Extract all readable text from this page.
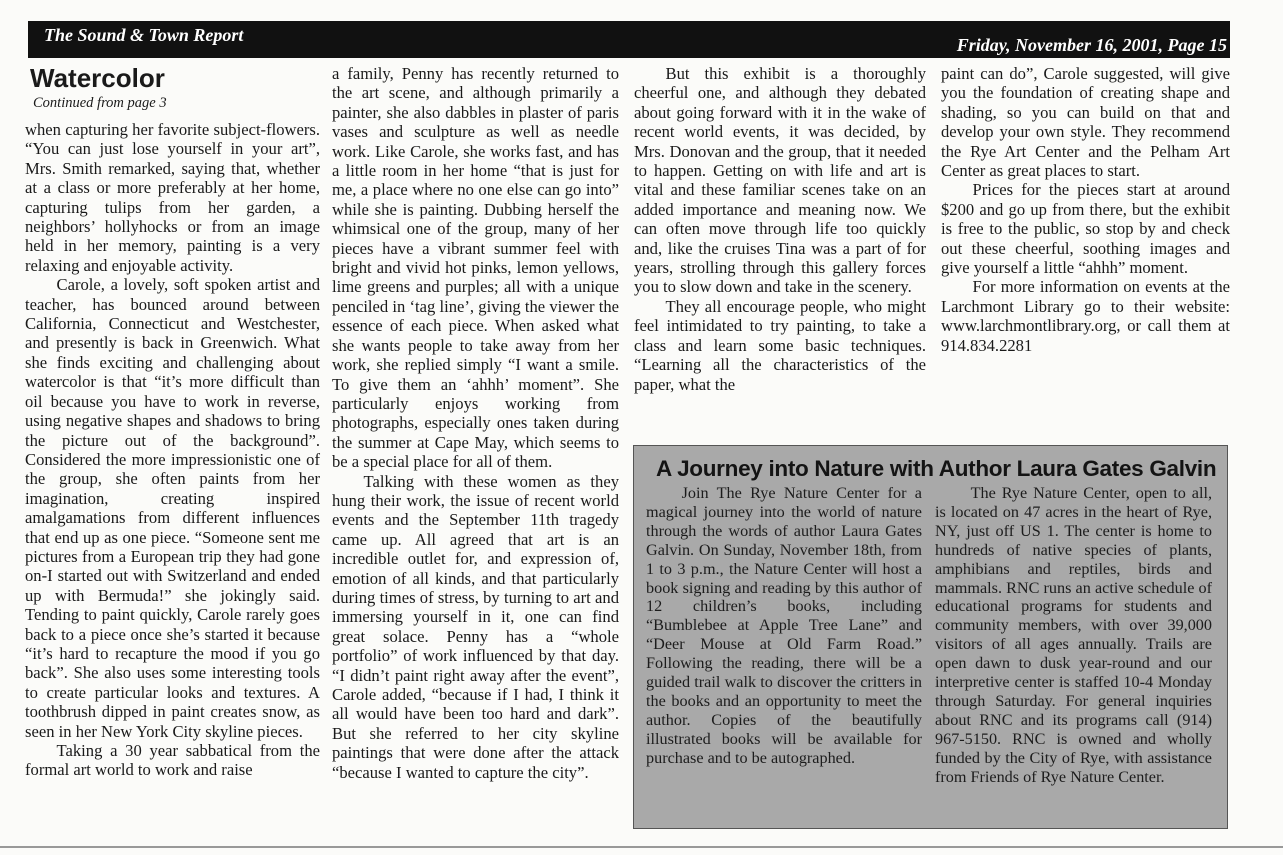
The Sound & Town Report	Friday, November 16, 2001, Page 15
Watercolor
Continued from page 3

when capturing her favorite subject-flowers. “You can just lose yourself in your art”, Mrs. Smith remarked, saying that, whether at a class or more preferably at her home, capturing tulips from her garden, a neighbors’ hollyhocks or from an image held in her memory, painting is a very relaxing and enjoyable activity.

Carole, a lovely, soft spoken artist and teacher, has bounced around between California, Connecticut and Westchester, and presently is back in Greenwich. What she finds exciting and challenging about watercolor is that “it’s more difficult than oil because you have to work in reverse, using negative shapes and shadows to bring the picture out of the background”. Considered the more impressionistic one of the group, she often paints from her imagination, creating inspired amalgamations from different influences that end up as one piece. “Someone sent me pictures from a European trip they had gone on-I started out with Switzerland and ended up with Bermuda!” she jokingly said. Tending to paint quickly, Carole rarely goes back to a piece once she’s started it because “it’s hard to recapture the mood if you go back”. She also uses some interesting tools to create particular looks and textures. A toothbrush dipped in paint creates snow, as seen in her New York City skyline pieces.

Taking a 30 year sabbatical from the formal art world to work and raise

a family, Penny has recently returned to the art scene, and although primarily a painter, she also dabbles in plaster of paris vases and sculpture as well as needle work. Like Carole, she works fast, and has a little room in her home “that is just for me, a place where no one else can go into” while she is painting. Dubbing herself the whimsical one of the group, many of her pieces have a vibrant summer feel with bright and vivid hot pinks, lemon yellows, lime greens and purples; all with a unique penciled in ‘tag line’, giving the viewer the essence of each piece. When asked what she wants people to take away from her work, she replied simply “I want a smile. To give them an ‘ahhh’ moment”. She particularly enjoys working from photographs, especially ones taken during the summer at Cape May, which seems to be a special place for all of them.

Talking with these women as they hung their work, the issue of recent world events and the September 11th tragedy came up. All agreed that art is an incredible outlet for, and expression of, emotion of all kinds, and that particularly during times of stress, by turning to art and immersing yourself in it, one can find great solace. Penny has a “whole portfolio” of work influenced by that day. “I didn’t paint right away after the event”, Carole added, “because if I had, I think it all would have been too hard and dark”. But she referred to her city skyline paintings that were done after the attack “because I wanted to capture the city”.

But this exhibit is a thoroughly cheerful one, and although they debated about going forward with it in the wake of recent world events, it was decided, by Mrs. Donovan and the group, that it needed to happen. Getting on with life and art is vital and these familiar scenes take on an added importance and meaning now. We can often move through life too quickly and, like the cruises Tina was a part of for years, strolling through this gallery forces you to slow down and take in the scenery.

They all encourage people, who might feel intimidated to try painting, to take a class and learn some basic techniques. “Learning all the characteristics of the paper, what the

paint can do”, Carole suggested, will give you the foundation of creating shape and shading, so you can build on that and develop your own style. They recommend the Rye Art Center and the Pelham Art Center as great places to start.

Prices for the pieces start at around $200 and go up from there, but the exhibit is free to the public, so stop by and check out these cheerful, soothing images and give yourself a little “ahhh” moment.

For more information on events at the Larchmont Library go to their website: www.larchmontlibrary.org, or call them at 914.834.2281

A Journey into Nature with Author Laura Gates Galvin

Join The Rye Nature Center for a magical journey into the world of nature through the words of author Laura Gates Galvin. On Sunday, November 18th, from 1 to 3 p.m., the Nature Center will host a book signing and reading by this author of 12 children’s books, including “Bumblebee at Apple Tree Lane” and “Deer Mouse at Old Farm Road.” Following the reading, there will be a guided trail walk to discover the critters in the books and an opportunity to meet the author. Copies of the beautifully illustrated books will be available for purchase and to be autographed.

The Rye Nature Center, open to all, is located on 47 acres in the heart of Rye, NY, just off US 1. The center is home to hundreds of native species of plants, amphibians and reptiles, birds and mammals. RNC runs an active schedule of educational programs for students and community members, with over 39,000 visitors of all ages annually. Trails are open dawn to dusk year-round and our interpretive center is staffed 10-4 Monday through Saturday. For general inquiries about RNC and its programs call (914) 967-5150. RNC is owned and wholly funded by the City of Rye, with assistance from Friends of Rye Nature Center.
